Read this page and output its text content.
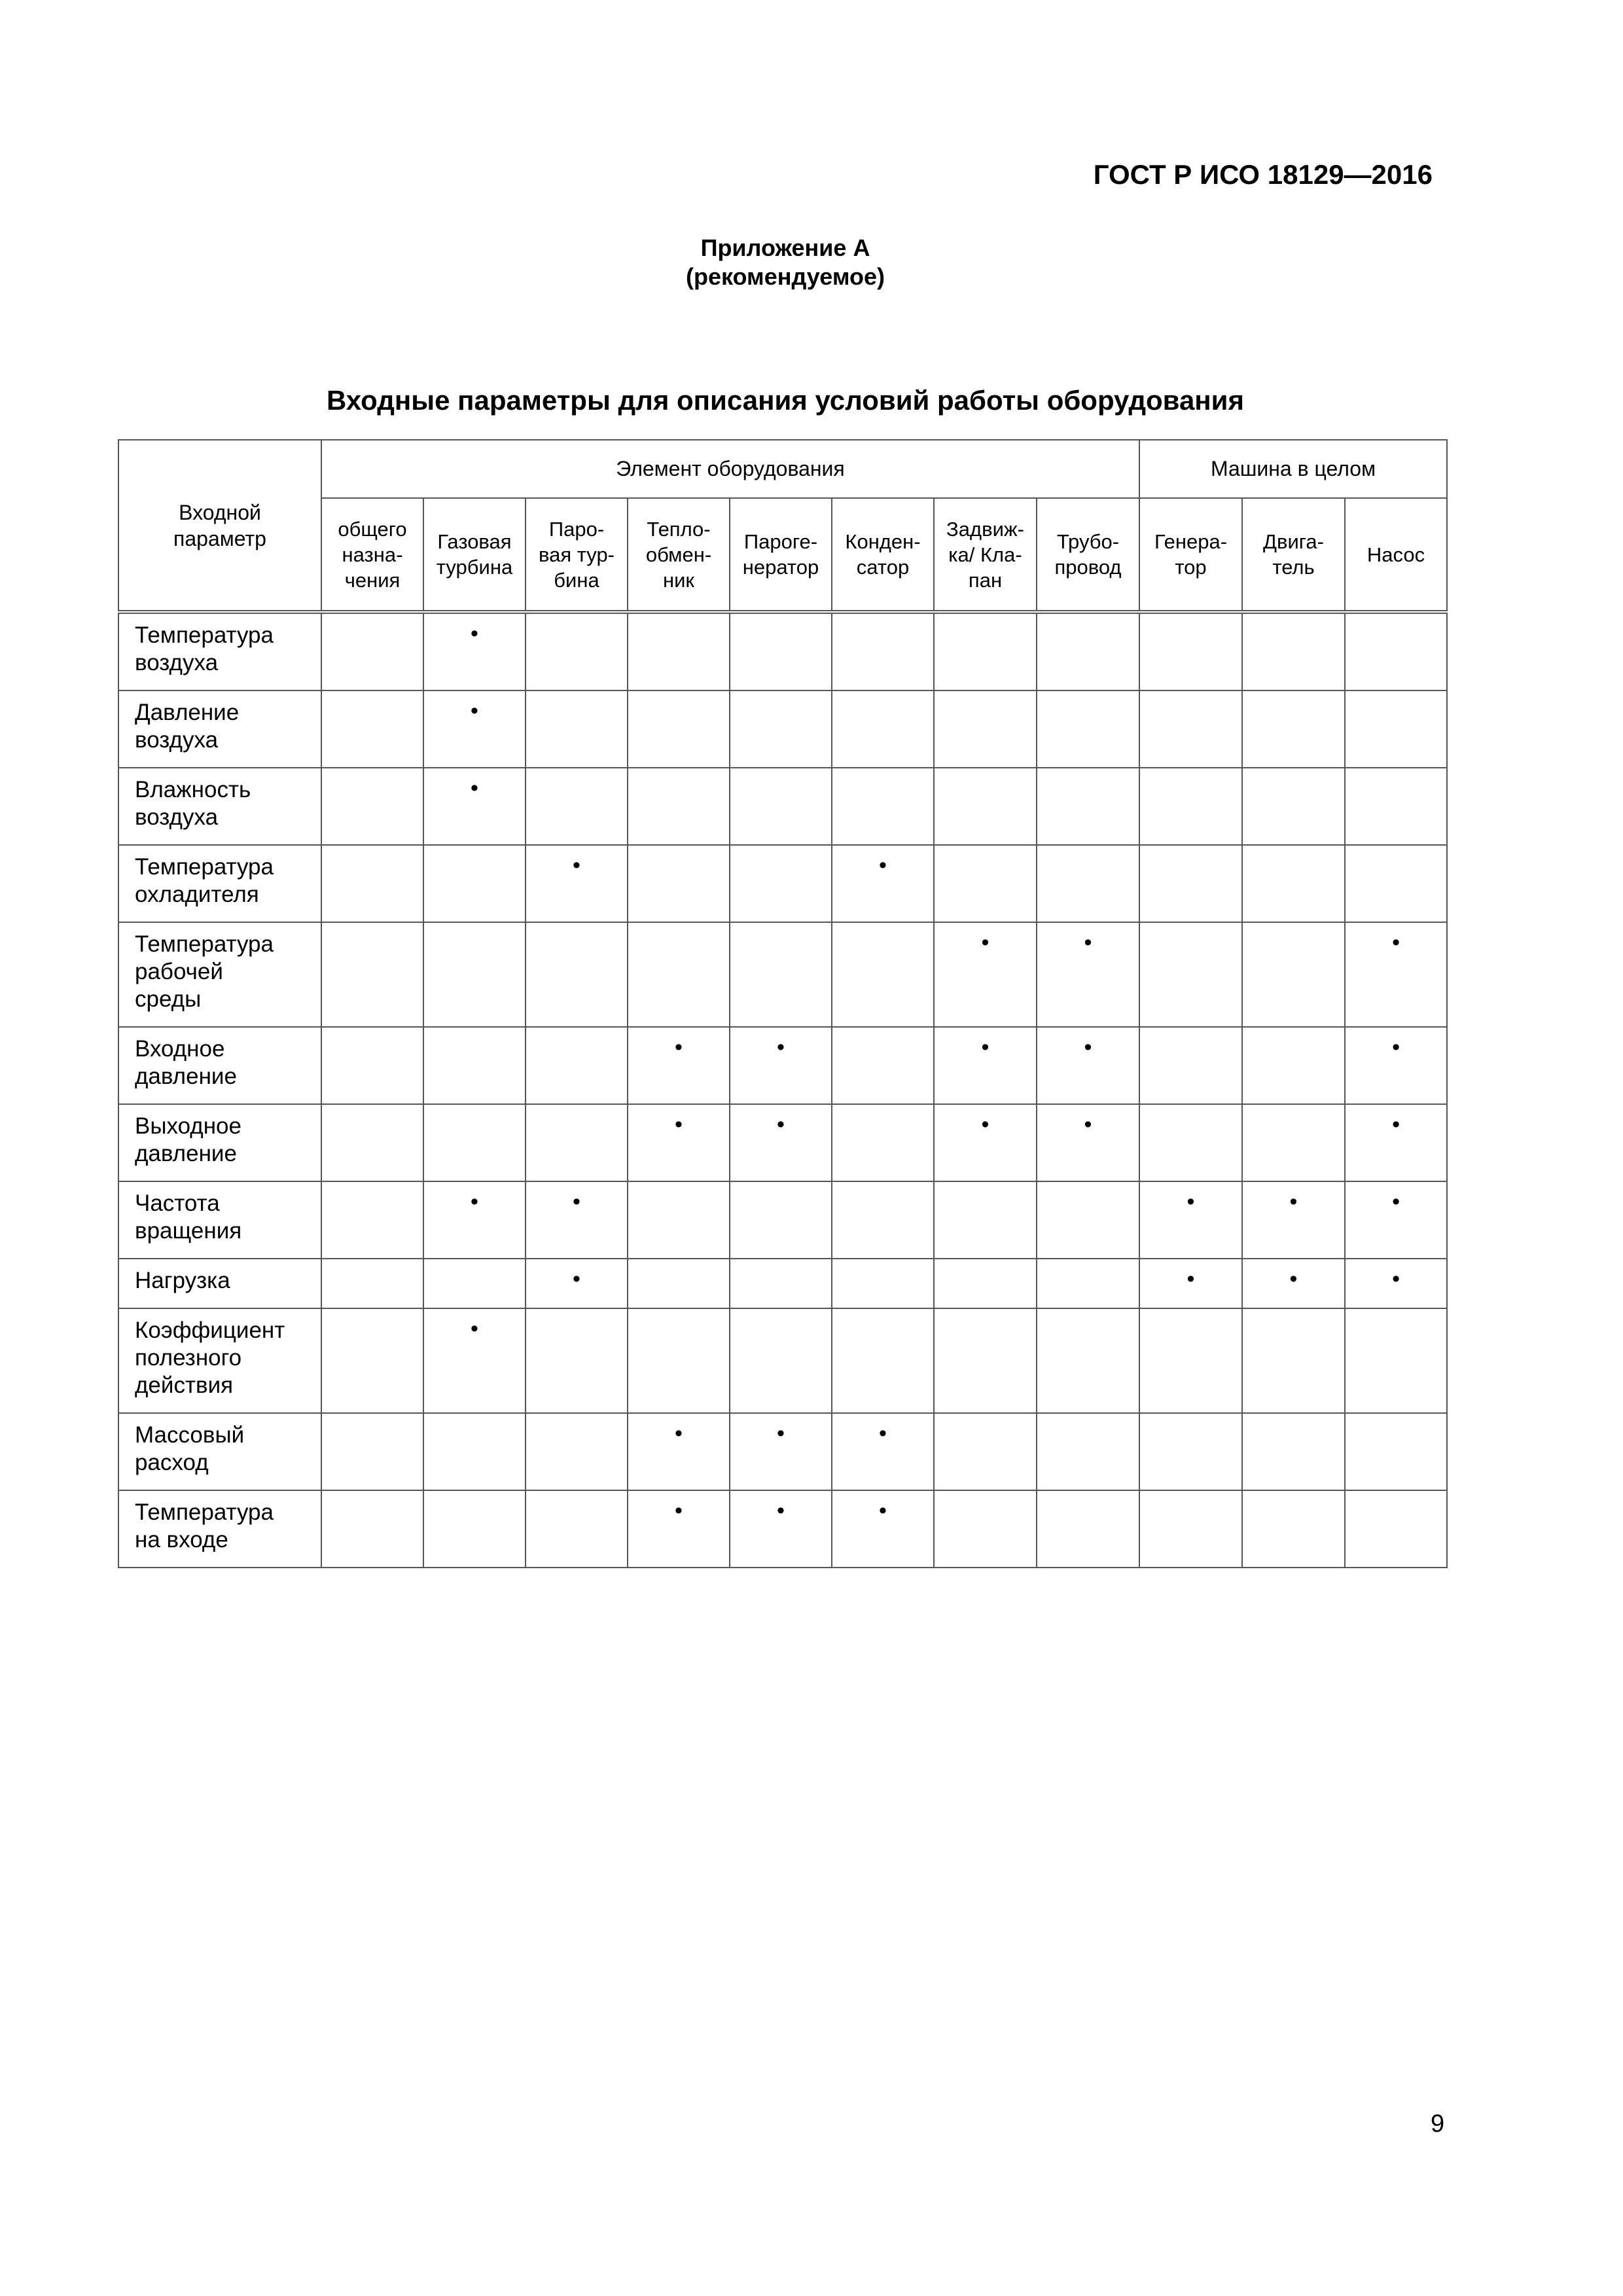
ГОСТ Р ИСО 18129—2016
Приложение А
(рекомендуемое)
Входные параметры для описания условий работы оборудования
Входной
параметр	Элемент оборудования								Машина в целом		
	общего
назна-
чения	Газовая
турбина	Паро-
вая тур-
бина	Тепло-
обмен-
ник	Пароге-
нератор	Конден-
сатор	Задвиж-
ка/ Кла-
пан	Трубо-
провод	Генера-
тор	Двига-
тель	Насос
Температура
воздуха		•									
Давление
воздуха		•									
Влажность
воздуха		•									
Температура
охладителя			•			•					
Температура
рабочей
среды							•	•			•
Входное
давление				•	•		•	•			•
Выходное
давление				•	•		•	•			•
Частота
вращения		•	•						•	•	•
Нагрузка			•						•	•	•
Коэффициент
полезного
действия		•									
Массовый
расход				•	•	•					
Температура
на входе				•	•	•					
9
